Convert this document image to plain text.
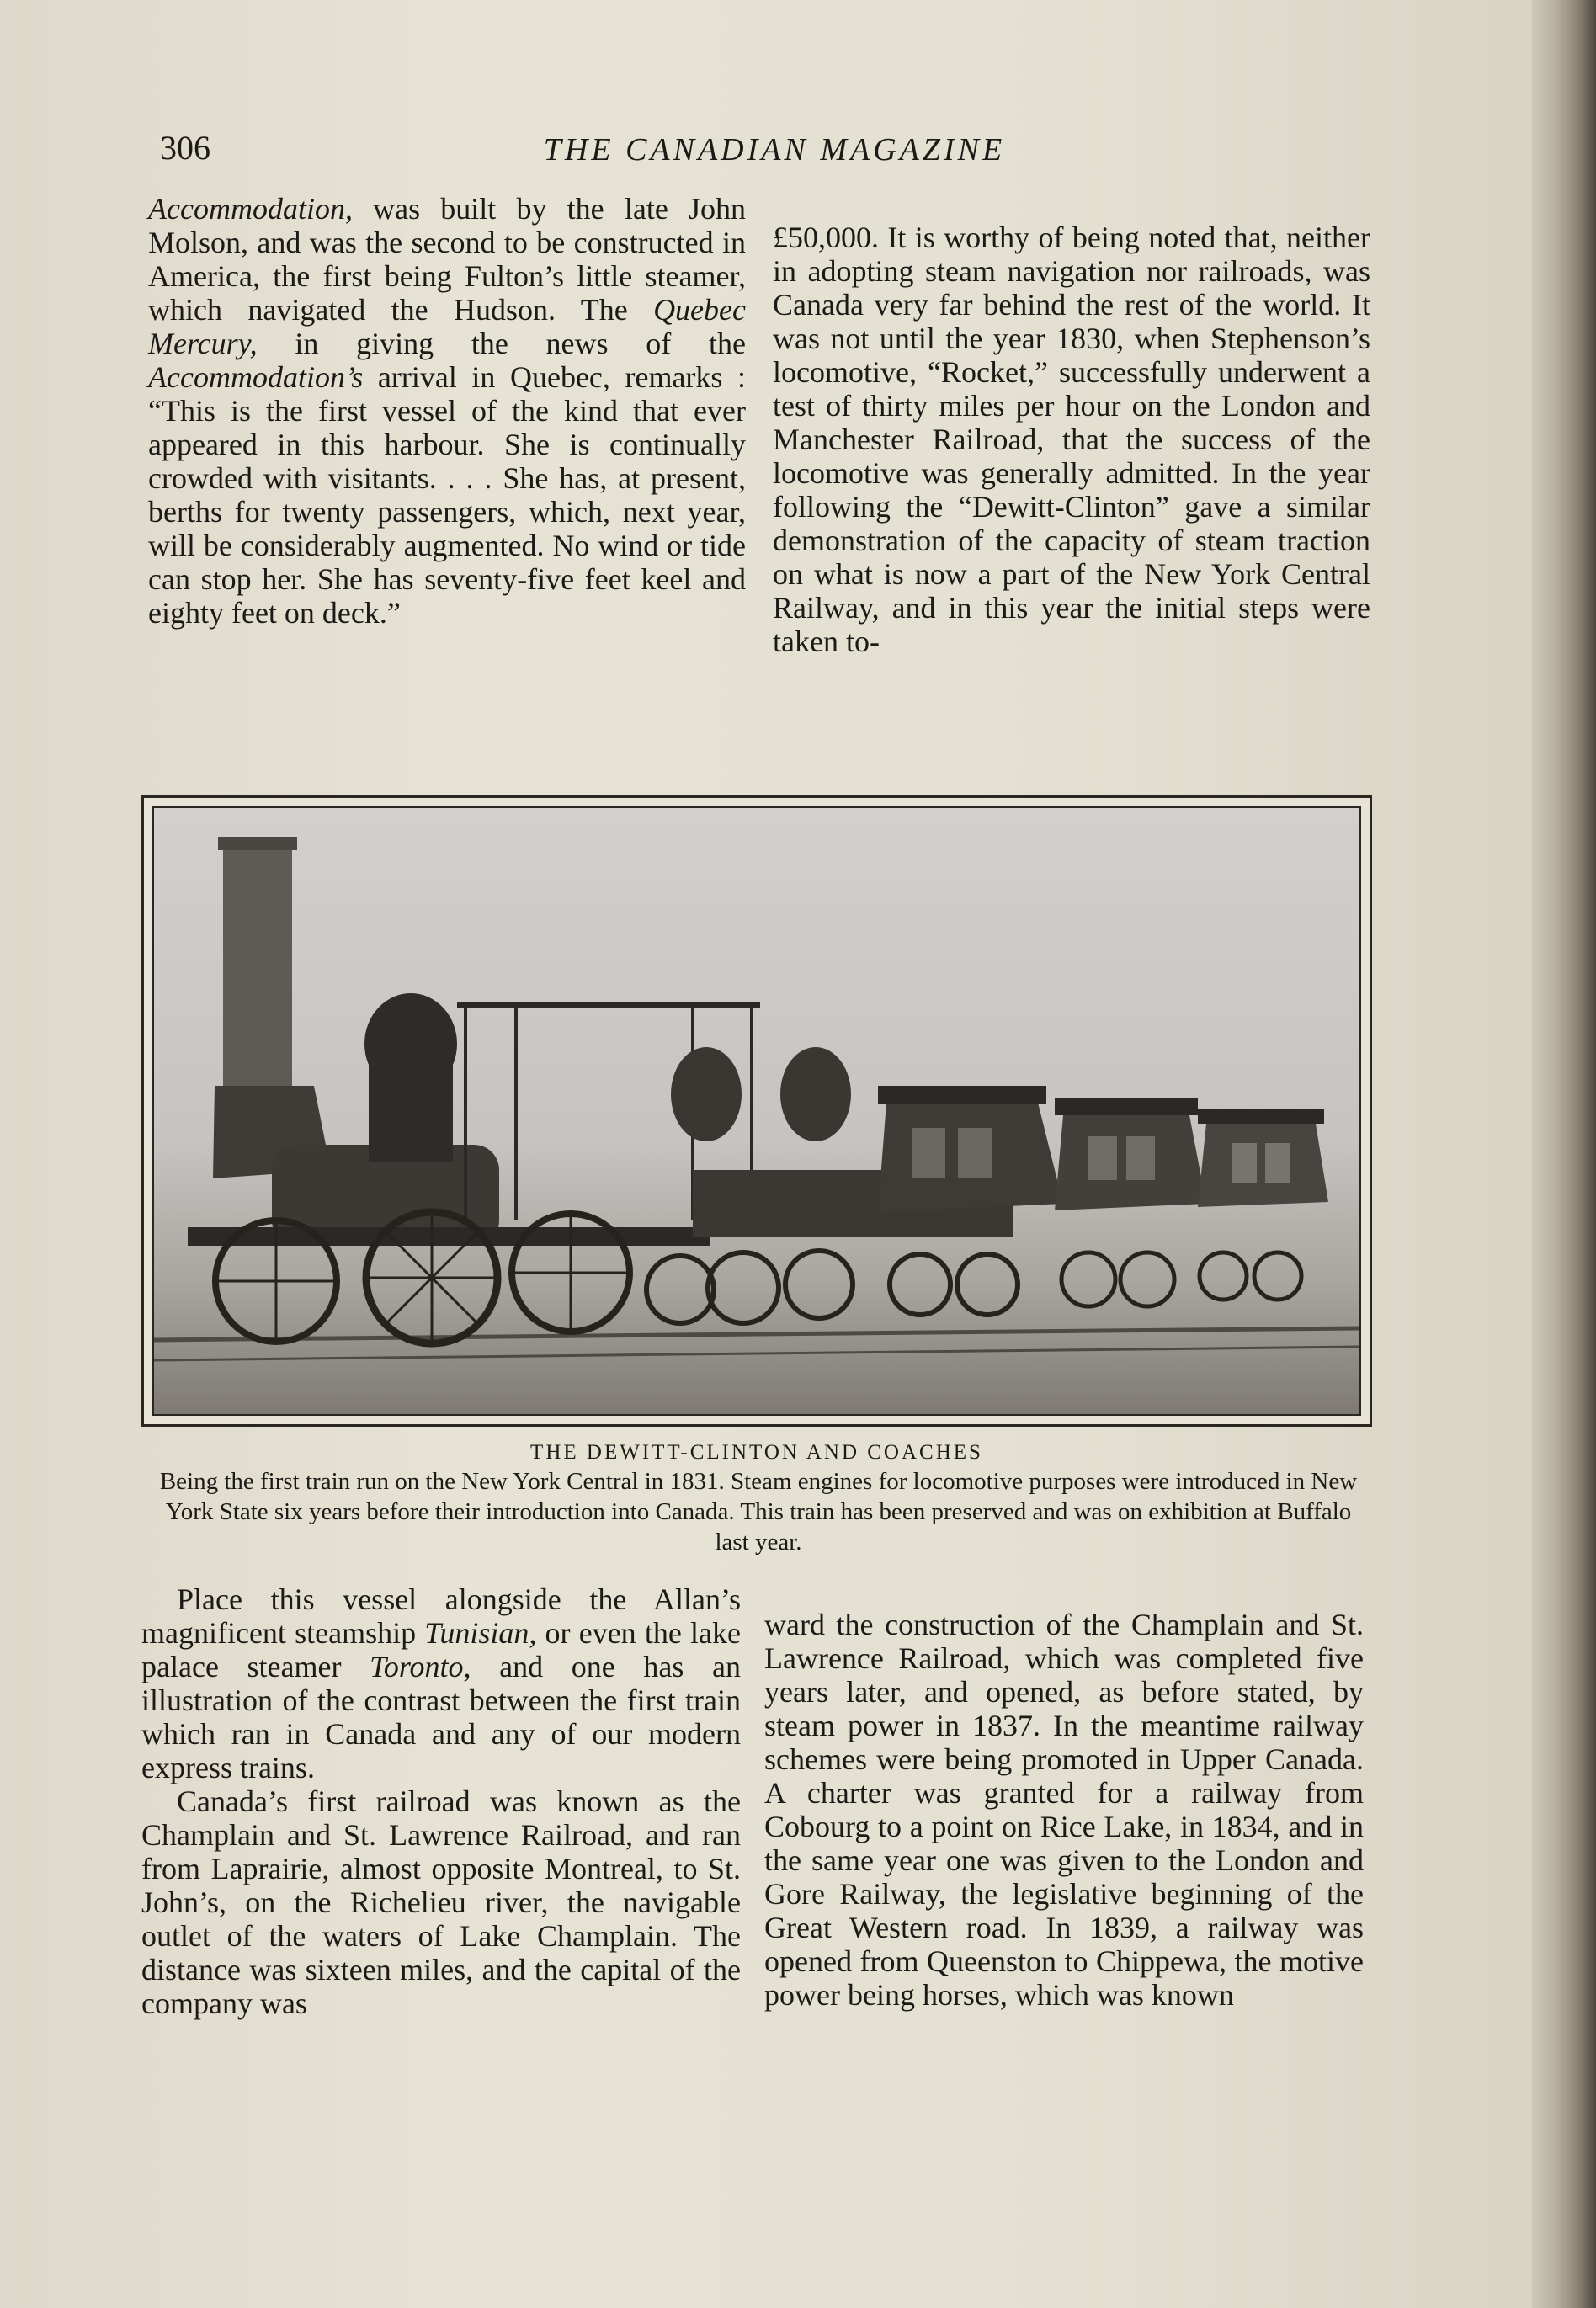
306	THE CANADIAN MAGAZINE

Accommodation, was built by the late John Molson, and was the second to be constructed in America, the first being Fulton’s little steamer, which navigated the Hudson. The Quebec Mercury, in giving the news of the Accommodation’s arrival in Quebec, remarks : “This is the first vessel of the kind that ever appeared in this harbour. She is continually crowded with visitants. . . . She has, at present, berths for twenty passengers, which, next year, will be considerably augmented. No wind or tide can stop her. She has seventy-five feet keel and eighty feet on deck.”

£50,000. It is worthy of being noted that, neither in adopting steam navigation nor railroads, was Canada very far behind the rest of the world. It was not until the year 1830, when Stephenson’s locomotive, “Rocket,” successfully underwent a test of thirty miles per hour on the London and Manchester Railroad, that the success of the locomotive was generally admitted. In the year following the “Dewitt-Clinton” gave a similar demonstration of the capacity of steam traction on what is now a part of the New York Central Railway, and in this year the initial steps were taken to-

THE DEWITT-CLINTON AND COACHES
Being the first train run on the New York Central in 1831. Steam engines for locomotive purposes were introduced in New York State six years before their introduction into Canada. This train has been preserved and was on exhibition at Buffalo last year.

Place this vessel alongside the Allan’s magnificent steamship Tunisian, or even the lake palace steamer Toronto, and one has an illustration of the contrast between the first train which ran in Canada and any of our modern express trains.

Canada’s first railroad was known as the Champlain and St. Lawrence Railroad, and ran from Laprairie, almost opposite Montreal, to St. John’s, on the Richelieu river, the navigable outlet of the waters of Lake Champlain. The distance was sixteen miles, and the capital of the company was

ward the construction of the Champlain and St. Lawrence Railroad, which was completed five years later, and opened, as before stated, by steam power in 1837. In the meantime railway schemes were being promoted in Upper Canada. A charter was granted for a railway from Cobourg to a point on Rice Lake, in 1834, and in the same year one was given to the London and Gore Railway, the legislative beginning of the Great Western road. In 1839, a railway was opened from Queenston to Chippewa, the motive power being horses, which was known
